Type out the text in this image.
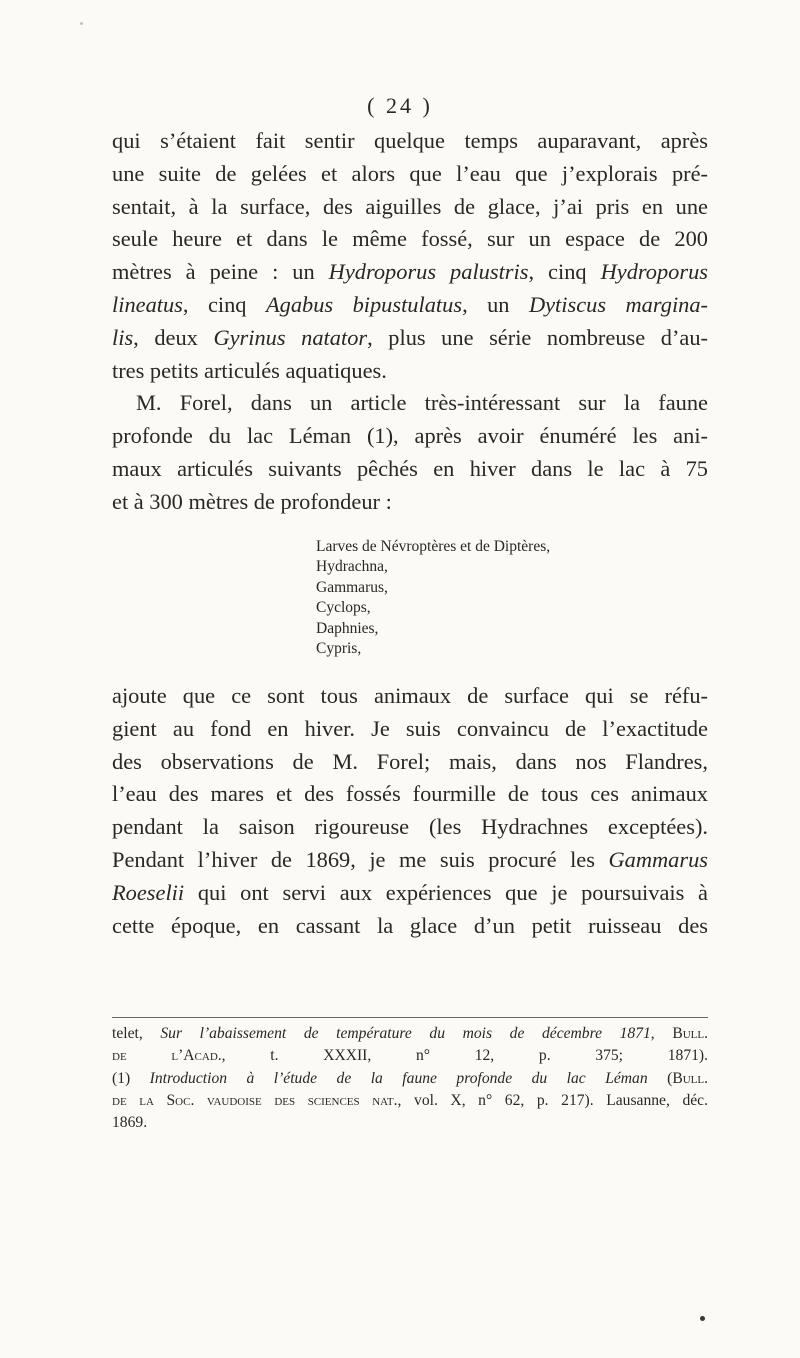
( 24 )
qui s’étaient fait sentir quelque temps auparavant, après
une suite de gelées et alors que l’eau que j’explorais pré-
sentait, à la surface, des aiguilles de glace, j’ai pris en une
seule heure et dans le même fossé, sur un espace de 200
mètres à peine : un Hydroporus palustris, cinq Hydroporus
lineatus, cinq Agabus bipustulatus, un Dytiscus margina-
lis, deux Gyrinus natator, plus une série nombreuse d’au-
tres petits articulés aquatiques.
M. Forel, dans un article très-intéressant sur la faune
profonde du lac Léman (1), après avoir énuméré les ani-
maux articulés suivants pêchés en hiver dans le lac à 75
et à 300 mètres de profondeur :
Larves de Névroptères et de Diptères,
Hydrachna,
Gammarus,
Cyclops,
Daphnies,
Cypris,
ajoute que ce sont tous animaux de surface qui se réfu-
gient au fond en hiver. Je suis convaincu de l’exactitude
des observations de M. Forel; mais, dans nos Flandres,
l’eau des mares et des fossés fourmille de tous ces animaux
pendant la saison rigoureuse (les Hydrachnes exceptées).
Pendant l’hiver de 1869, je me suis procuré les Gammarus
Roeselii qui ont servi aux expériences que je poursuivais à
cette époque, en cassant la glace d’un petit ruisseau des
telet, Sur l’abaissement de température du mois de décembre 1871, Bull.
de l’Acad., t. XXXII, n° 12, p. 375; 1871).
(1) Introduction à l’étude de la faune profonde du lac Léman (Bull.
de la Soc. vaudoise des sciences nat., vol. X, n° 62, p. 217). Lausanne, déc.
1869.
